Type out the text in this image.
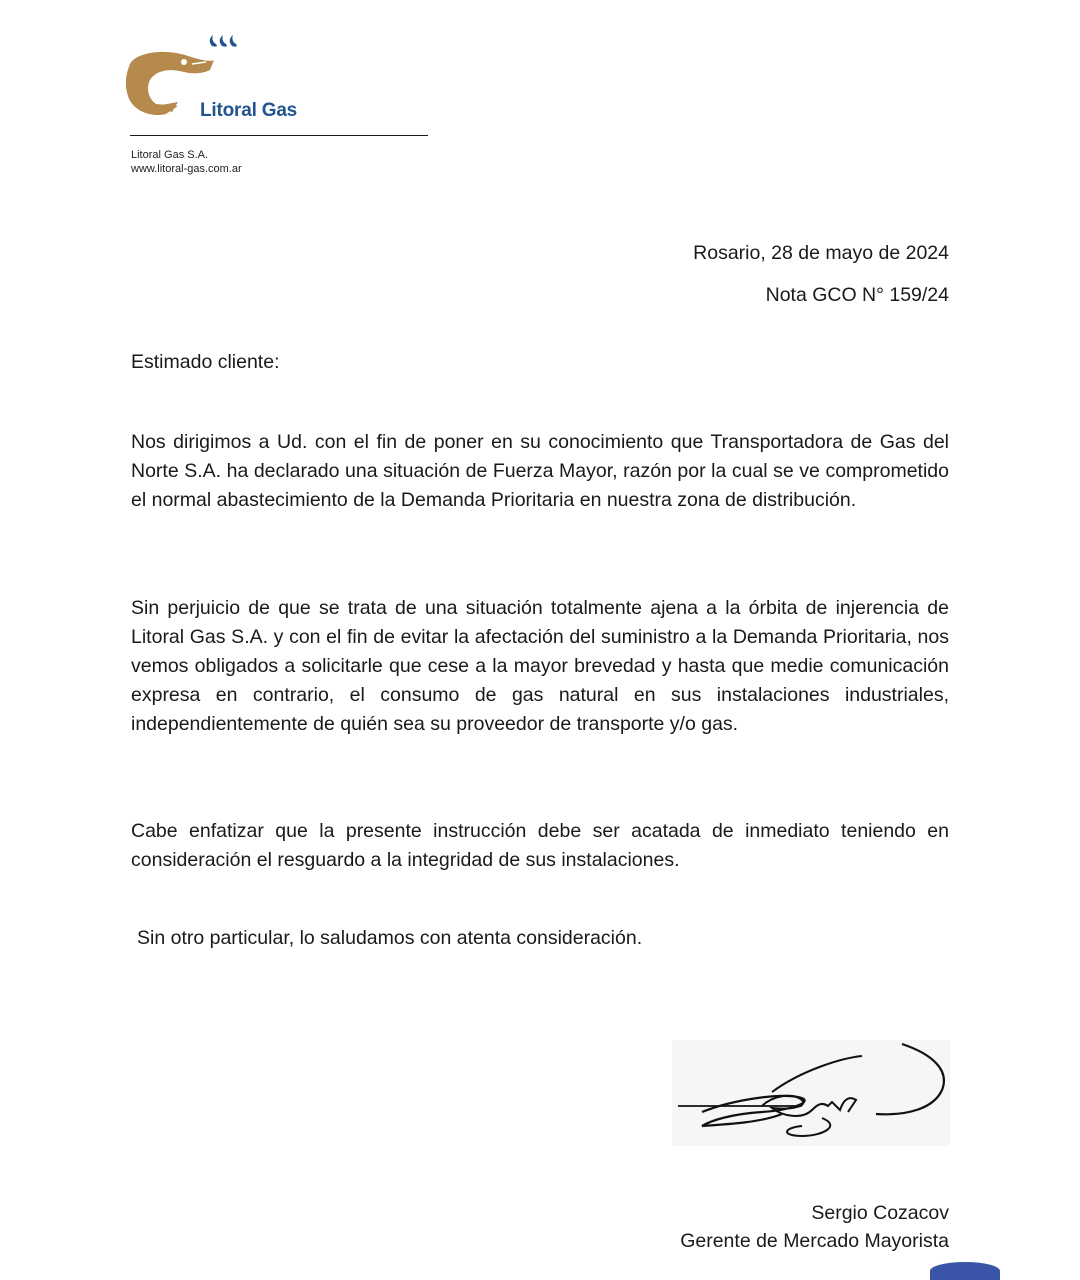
Litoral Gas
Litoral Gas S.A.
www.litoral-gas.com.ar
Rosario, 28 de mayo de 2024
Nota GCO N° 159/24
Estimado cliente:
Nos dirigimos a Ud. con el fin de poner en su conocimiento que Transportadora de Gas del Norte S.A. ha declarado una situación de Fuerza Mayor, razón por la cual se ve comprometido el normal abastecimiento de la Demanda Prioritaria en nuestra zona de distribución.
Sin perjuicio de que se trata de una situación totalmente ajena a la órbita de injerencia de Litoral Gas S.A. y con el fin de evitar la afectación del suministro a la Demanda Prioritaria, nos vemos obligados a solicitarle que cese a la mayor brevedad y hasta que medie comunicación expresa en contrario, el consumo de gas natural en sus instalaciones industriales, independientemente de quién sea su proveedor de transporte y/o gas.
Cabe enfatizar que la presente instrucción debe ser acatada de inmediato teniendo en consideración el resguardo a la integridad de sus instalaciones.
Sin otro particular, lo saludamos con atenta consideración.
Sergio Cozacov
Gerente de Mercado Mayorista
